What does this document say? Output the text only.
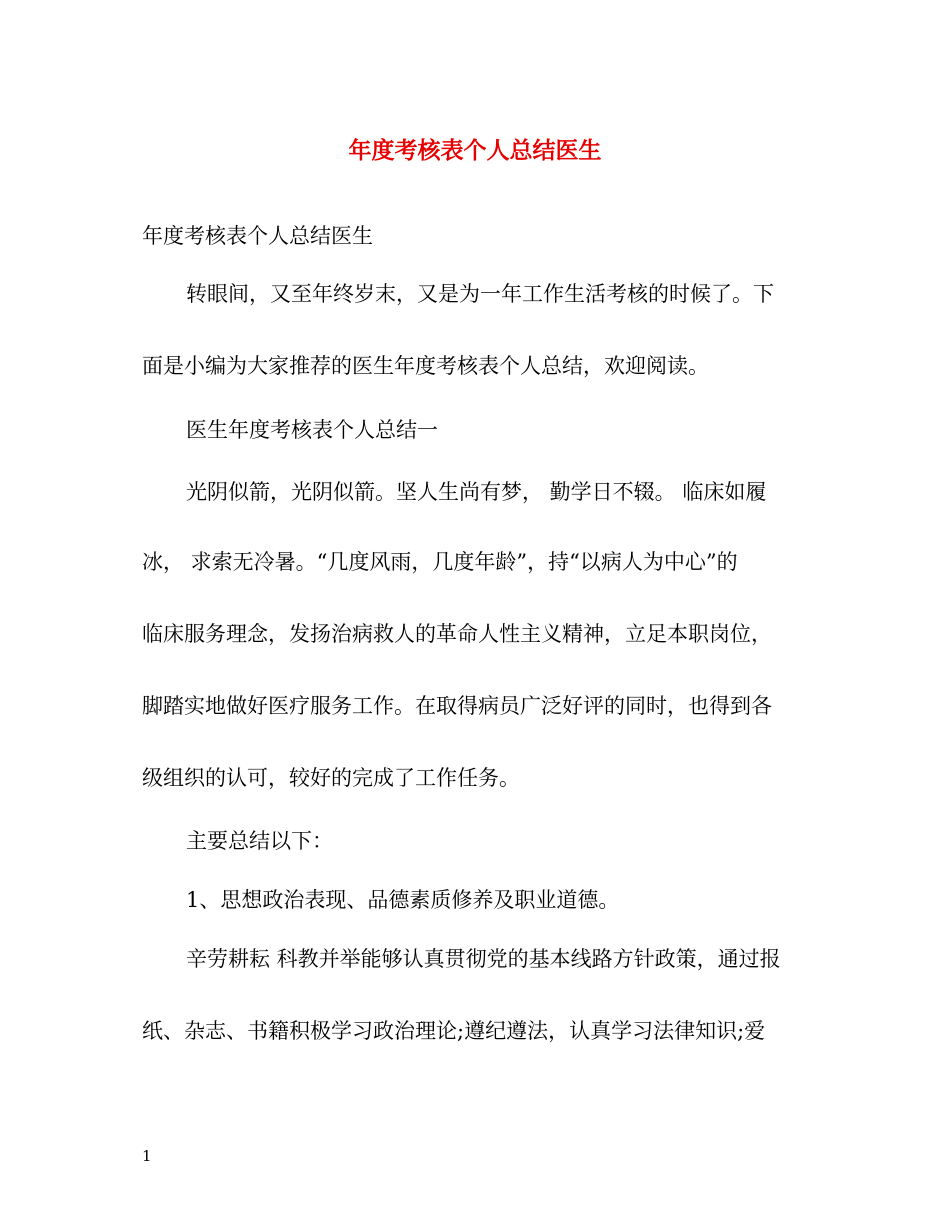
年度考核表个人总结医生
年度考核表个人总结医生
转眼间，又至年终岁末，又是为一年工作生活考核的时候了。下
面是小编为大家推荐的医生年度考核表个人总结，欢迎阅读。
医生年度考核表个人总结一
光阴似箭，光阴似箭。坚人生尚有梦， 勤学日不辍。 临床如履
冰， 求索无冷暑。“几度风雨，几度年龄”，持“以病人为中心”的
临床服务理念，发扬治病救人的革命人性主义精神，立足本职岗位，
脚踏实地做好医疗服务工作。在取得病员广泛好评的同时，也得到各
级组织的认可，较好的完成了工作任务。
主要总结以下：
1、思想政治表现、品德素质修养及职业道德。
辛劳耕耘 科教并举能够认真贯彻党的基本线路方针政策，通过报
纸、杂志、书籍积极学习政治理论;遵纪遵法，认真学习法律知识;爱
1
